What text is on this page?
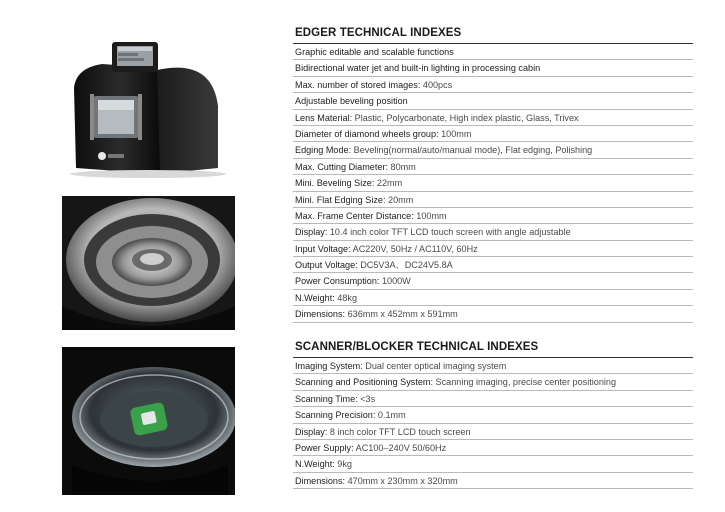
EDGER TECHNICAL INDEXES
Graphic editable and scalable functions
Bidirectional water jet and built-in lighting in processing cabin
Max. number of stored images: 400pcs
Adjustable beveling position
Lens Material: Plastic, Polycarbonate, High index plastic, Glass, Trivex
Diameter of diamond wheels group: 100mm
Edging Mode: Beveling(normal/auto/manual mode), Flat edging, Polishing
Max. Cutting Diameter: 80mm
Mini. Beveling Size: 22mm
Mini. Flat Edging Size: 20mm
Max. Frame Center Distance: 100mm
Display: 10.4 inch color TFT LCD touch screen with angle adjustable
Input Voltage: AC220V, 50Hz / AC110V, 60Hz
Output Voltage: DC5V3A、DC24V5.8A
Power Consumption: 1000W
N.Weight: 48kg
Dimensions: 636mm x 452mm x 591mm
SCANNER/BLOCKER TECHNICAL INDEXES
Imaging System: Dual center optical imaging system
Scanning and Positioning System: Scanning imaging, precise center positioning
Scanning Time: <3s
Scanning Precision: 0.1mm
Display: 8 inch color TFT LCD touch screen
Power Supply: AC100–240V 50/60Hz
N.Weight: 9kg
Dimensions: 470mm x 230mm x 320mm
